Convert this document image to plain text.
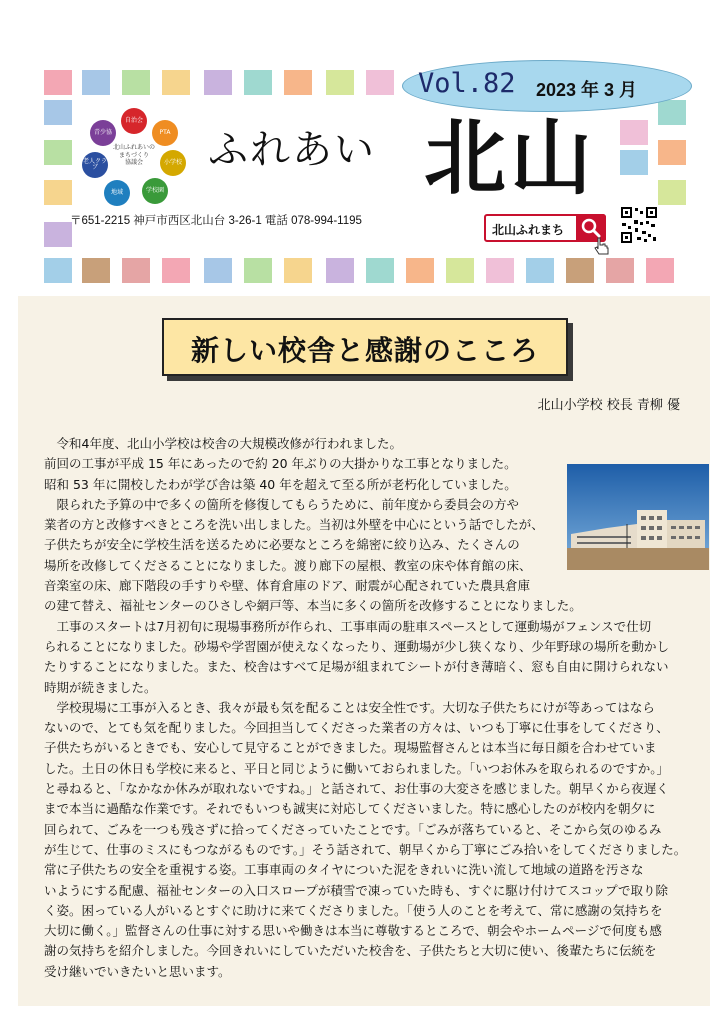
自治会
PTA
小学校
学校園
地域
老人クラブ
青少協
北山ふれあいの
まちづくり
協議会	ふれあい 北山
Vol.82 2023 年 3 月
〒651-2215 神戸市西区北山台 3-26-1 電話 078-994-1195
北山ふれまち
新しい校舎と感謝のこころ
北山小学校 校長 青柳 優

令和4年度、北山小学校は校舎の大規模改修が行われました。

前回の工事が平成 15 年にあったので約 20 年ぶりの大掛かりな工事となりました。

昭和 53 年に開校したわが学び舎は築 40 年を超えて至る所が老朽化していました。

限られた予算の中で多くの箇所を修復してもらうために、前年度から委員会の方や

業者の方と改修すべきところを洗い出しました。当初は外壁を中心にという話でしたが、

子供たちが安全に学校生活を送るために必要なところを綿密に絞り込み、たくさんの

場所を改修してくださることになりました。渡り廊下の屋根、教室の床や体育館の床、

音楽室の床、廊下階段の手すりや壁、体育倉庫のドア、耐震が心配されていた農具倉庫

の建て替え、福祉センターのひさしや網戸等、本当に多くの箇所を改修することになりました。

工事のスタートは7月初旬に現場事務所が作られ、工事車両の駐車スペースとして運動場がフェンスで仕切

られることになりました。砂場や学習園が使えなくなったり、運動場が少し狭くなり、少年野球の場所を動かし

たりすることになりました。また、校舎はすべて足場が組まれてシートが付き薄暗く、窓も自由に開けられない

時期が続きました。

学校現場に工事が入るとき、我々が最も気を配ることは安全性です。大切な子供たちにけが等あってはなら

ないので、とても気を配りました。今回担当してくださった業者の方々は、いつも丁寧に仕事をしてくださり、

子供たちがいるときでも、安心して見守ることができました。現場監督さんとは本当に毎日顔を合わせていま

した。土日の休日も学校に来ると、平日と同じように働いておられました。「いつお休みを取られるのですか。」

と尋ねると、「なかなか休みが取れないですね。」と話されて、お仕事の大変さを感じました。朝早くから夜遅く

まで本当に過酷な作業です。それでもいつも誠実に対応してくださいました。特に感心したのが校内を朝夕に

回られて、ごみを一つも残さずに拾ってくださっていたことです。「ごみが落ちていると、そこから気のゆるみ

が生じて、仕事のミスにもつながるものです。」そう話されて、朝早くから丁寧にごみ拾いをしてくださりました。

常に子供たちの安全を重視する姿。工事車両のタイヤについた泥をきれいに洗い流して地域の道路を汚さな

いようにする配慮、福祉センターの入口スロープが積雪で凍っていた時も、すぐに駆け付けてスコップで取り除

く姿。困っている人がいるとすぐに助けに来てくださりました。「使う人のことを考えて、常に感謝の気持ちを

大切に働く。」監督さんの仕事に対する思いや働きは本当に尊敬するところで、朝会やホームページで何度も感

謝の気持ちを紹介しました。今回きれいにしていただいた校舎を、子供たちと大切に使い、後輩たちに伝統を

受け継いでいきたいと思います。
